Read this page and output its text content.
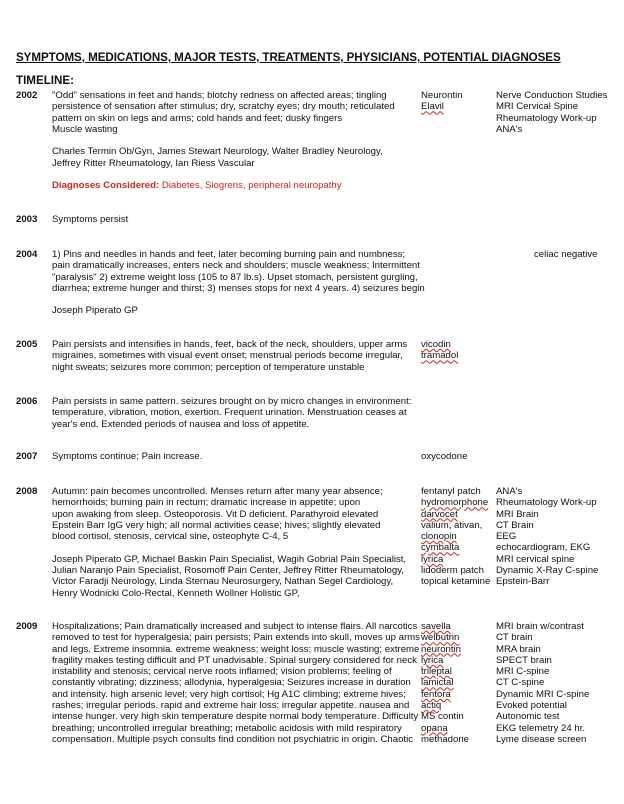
SYMPTOMS, MEDICATIONS, MAJOR TESTS, TREATMENTS, PHYSICIANS, POTENTIAL DIAGNOSES
TIMELINE:
2002 "Odd" sensations in feet and hands; blotchy redness on affected areas; tingling
persistence of sensation after stimulus; dry, scratchy eyes; dry mouth; reticulated
pattern on skin on legs and arms; cold hands and feet; dusky fingers
Muscle wasting
Charles Termin Ob/Gyn, James Stewart Neurology, Walter Bradley Neurology,
Jeffrey Ritter Rheumatology, Ian Riess Vascular
Diagnoses Considered: Diabetes, Siogrens, peripheral neuropathy
Neurontin
Elavil
Nerve Conduction Studies
MRI Cervical Spine
Rheumatology Work-up
ANA's
2003 Symptoms persist
2004 1) Pins and needles in hands and feet, later becoming burning pain and numbness;
pain dramatically increases, enters neck and shoulders; muscle weakness; Intermittent
"paralysis" 2) extreme weight loss (105 to 87 lb.s). Upset stomach, persistent gurgling,
diarrhea; extreme hunger and thirst; 3) menses stops for next 4 years. 4) seizures begin
Joseph Piperato GP
celiac negative
2005 Pain persists and intensifies in hands, feet, back of the neck, shoulders, upper arms
migraines, sometimes with visual event onset; menstrual periods become irregular,
night sweats; seizures more common; perception of temperature unstable
vicodin
tramadol
2006 Pain persists in same pattern. seizures brought on by micro changes in environment:
temperature, vibration, motion, exertion. Frequent urination. Menstruation ceases at
year's end. Extended periods of nausea and loss of appetite.
2007 Symptoms continue; Pain increase.	oxycodone
2008 Autumn: pain becomes uncontrolled. Menses return after many year absence;
hemorrhoids; burning pain in rectum; dramatic increase in appetite; upon
upon awaking from sleep. Osteoporosis. Vit D deficient. Parathyroid elevated
Epstein Barr IgG very high; all normal activities cease; hives; slightly elevated
blood cortisol, stenosis, cervical sine, osteophyte C-4, 5
Joseph Piperato GP, Michael Baskin Pain Specialist, Wagih Gobrial Pain Specialist,
Julian Naranjo Pain Specialist, Rosomoff Pain Center, Jeffrey Ritter Rheumatology,
Victor Faradji Neurology, Linda Sternau Neurosurgery, Nathan Segel Cardiology,
Henry Wodnicki Colo-Rectal, Kenneth Wollner Holistic GP,
fentanyl patch
hydromorphone
darvocet
valium, ativan,
clonopin
cymbalta
lyrica
lidoderm patch
topical ketamine
ANA's
Rheumatology Work-up
MRI Brain
CT Brain
EEG
echocardiogram, EKG
MRI cervical spine
Dynamic X-Ray C-spine
Epstein-Barr
2009 Hospitalizations; Pain dramatically increased and subject to intense flairs. All narcotics
removed to test for hyperalgesia; pain persists; Pain extends into skull, moves up arms
and legs. Extreme insomnia. extreme weakness; weight loss; muscle wasting; extreme
fragility makes testing difficult and PT unadvisable. Spinal surgery considered for neck
instability and stenosis; cervical nerve roots inflamed; vision problems; feeling of
constantly vibrating; dizziness; allodynia, hyperalgesia; Seizures increase in duration
and intensity. high arsenic level; very high cortisol; Hg A1C climbing; extreme hives;
rashes; irregular periods. rapid and extreme hair loss; irregular appetite. nausea and
intense hunger. very high skin temperature despite normal body temperature. Difficulty
breathing; uncontrolled irregular breathing; metabolic acidosis with mild respiratory
compensation. Multiple psych consults find condition not psychiatric in origin. Chaotic
savella
welbutrin
neurontin
lyrica
trileptal
lamictal
fentora
actiq
MS contin
opana
methadone
MRI brain w/contrast
CT brain
MRA brain
SPECT brain
MRI C-spine
CT C-spine
Dynamic MRI C-spine
Evoked potential
Autonomic test
EKG telemetry 24 hr.
Lyme disease screen
